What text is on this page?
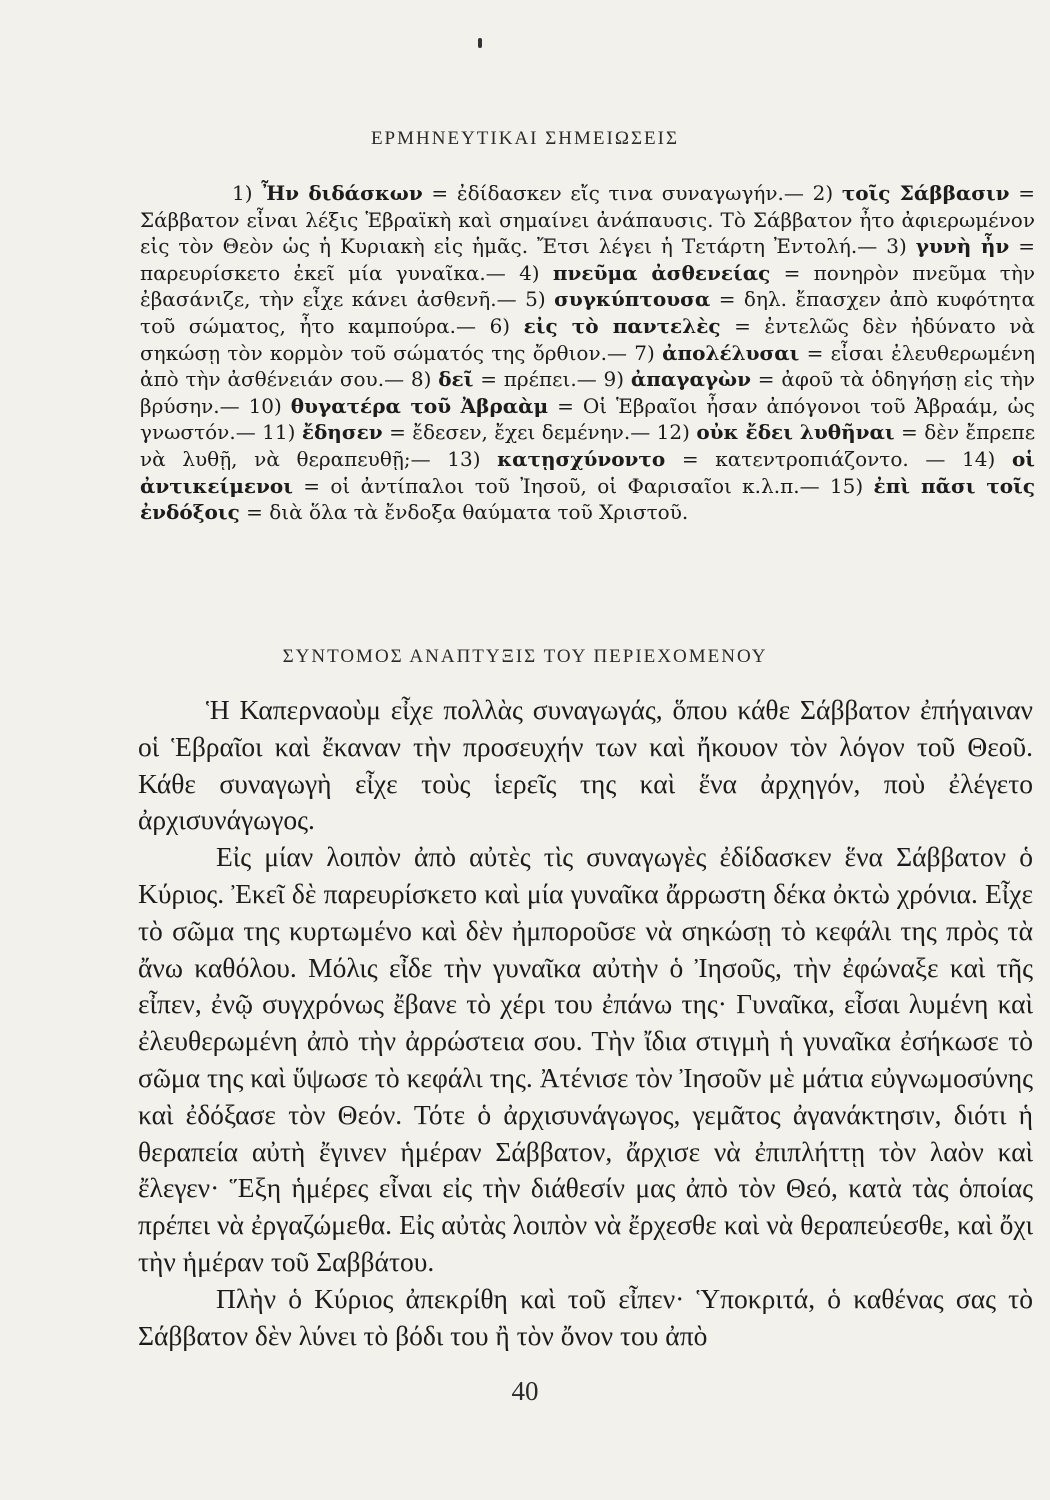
ΕΡΜΗΝΕΥΤΙΚΑΙ ΣΗΜΕΙΩΣΕΙΣ

1) Ἦν διδάσκων = ἐδίδασκεν εἴς τινα συναγωγήν.— 2) τοῖς Σάββασιν = Σάββατον εἶναι λέξις Ἑβραϊκὴ καὶ σημαίνει ἀνάπαυσις. Τὸ Σάββατον ἦτο ἀφιερωμένον εἰς τὸν Θεὸν ὡς ἡ Κυριακὴ εἰς ἡμᾶς. Ἔτσι λέγει ἡ Τετάρτη Ἐντολή.— 3) γυνὴ ἦν = παρευρίσκετο ἐκεῖ μία γυναῖκα.— 4) πνεῦμα ἀσθενείας = πονηρὸν πνεῦμα τὴν ἐβασάνιζε, τὴν εἶχε κάνει ἀσθενῆ.— 5) συγκύπτουσα = δηλ. ἔπασχεν ἀπὸ κυφότητα τοῦ σώματος, ἦτο καμπούρα.— 6) εἰς τὸ παντελὲς = ἐντελῶς δὲν ἠδύνατο νὰ σηκώσῃ τὸν κορμὸν τοῦ σώματός της ὄρθιον.— 7) ἀπολέλυσαι = εἶσαι ἐλευθερωμένη ἀπὸ τὴν ἀσθένειάν σου.— 8) δεῖ = πρέπει.— 9) ἀπαγαγὼν = ἀφοῦ τὰ ὁδηγήσῃ εἰς τὴν βρύσην.— 10) θυγατέρα τοῦ Ἀβραὰμ = Οἱ Ἑβραῖοι ἦσαν ἀπόγονοι τοῦ Ἀβραάμ, ὡς γνωστόν.— 11) ἔδησεν = ἔδεσεν, ἔχει δεμένην.— 12) οὐκ ἔδει λυθῆναι = δὲν ἔπρεπε νὰ λυθῇ, νὰ θεραπευθῇ;— 13) κατῃσχύνοντο = κατεντροπιάζοντο. — 14) οἱ ἀντικείμενοι = οἱ ἀντίπαλοι τοῦ Ἰησοῦ, οἱ Φαρισαῖοι κ.λ.π.— 15) ἐπὶ πᾶσι τοῖς ἐνδόξοις = διὰ ὅλα τὰ ἔνδοξα θαύματα τοῦ Χριστοῦ.

ΣΥΝΤΟΜΟΣ ΑΝΑΠΤΥΞΙΣ ΤΟΥ ΠΕΡΙΕΧΟΜΕΝΟΥ

Ἡ Καπερναοὺμ εἶχε πολλὰς συναγωγάς, ὅπου κάθε Σάββατον ἐπήγαιναν οἱ Ἑβραῖοι καὶ ἔκαναν τὴν προσευχήν των καὶ ἤκουον τὸν λόγον τοῦ Θεοῦ. Κάθε συναγωγὴ εἶχε τοὺς ἱερεῖς της καὶ ἕνα ἀρχηγόν, ποὺ ἐλέγετο ἀρχισυνάγωγος.

Εἰς μίαν λοιπὸν ἀπὸ αὐτὲς τὶς συναγωγὲς ἐδίδασκεν ἕνα Σάββατον ὁ Κύριος. Ἐκεῖ δὲ παρευρίσκετο καὶ μία γυναῖκα ἄρρωστη δέκα ὀκτὼ χρόνια. Εἶχε τὸ σῶμα της κυρτωμένο καὶ δὲν ἠμποροῦσε νὰ σηκώσῃ τὸ κεφάλι της πρὸς τὰ ἄνω καθόλου. Μόλις εἶδε τὴν γυναῖκα αὐτὴν ὁ Ἰησοῦς, τὴν ἐφώναξε καὶ τῆς εἶπεν, ἐνῷ συγχρόνως ἔβανε τὸ χέρι του ἐπάνω της· Γυναῖκα, εἶσαι λυμένη καὶ ἐλευθερωμένη ἀπὸ τὴν ἀρρώστεια σου. Τὴν ἴδια στιγμὴ ἡ γυναῖκα ἐσήκωσε τὸ σῶμα της καὶ ὕψωσε τὸ κεφάλι της. Ἀτένισε τὸν Ἰησοῦν μὲ μάτια εὐγνωμοσύνης καὶ ἐδόξασε τὸν Θεόν. Τότε ὁ ἀρχισυνάγωγος, γεμᾶτος ἀγανάκτησιν, διότι ἡ θεραπεία αὐτὴ ἔγινεν ἡμέραν Σάββατον, ἄρχισε νὰ ἐπιπλήττῃ τὸν λαὸν καὶ ἔλεγεν· Ἕξη ἡμέρες εἶναι εἰς τὴν διάθεσίν μας ἀπὸ τὸν Θεό, κατὰ τὰς ὁποίας πρέπει νὰ ἐργαζώμεθα. Εἰς αὐτὰς λοιπὸν νὰ ἔρχεσθε καὶ νὰ θεραπεύεσθε, καὶ ὄχι τὴν ἡμέραν τοῦ Σαββάτου.

Πλὴν ὁ Κύριος ἀπεκρίθη καὶ τοῦ εἶπεν· Ὑποκριτά, ὁ καθένας σας τὸ Σάββατον δὲν λύνει τὸ βόδι του ἢ τὸν ὄνον του ἀπὸ

40
